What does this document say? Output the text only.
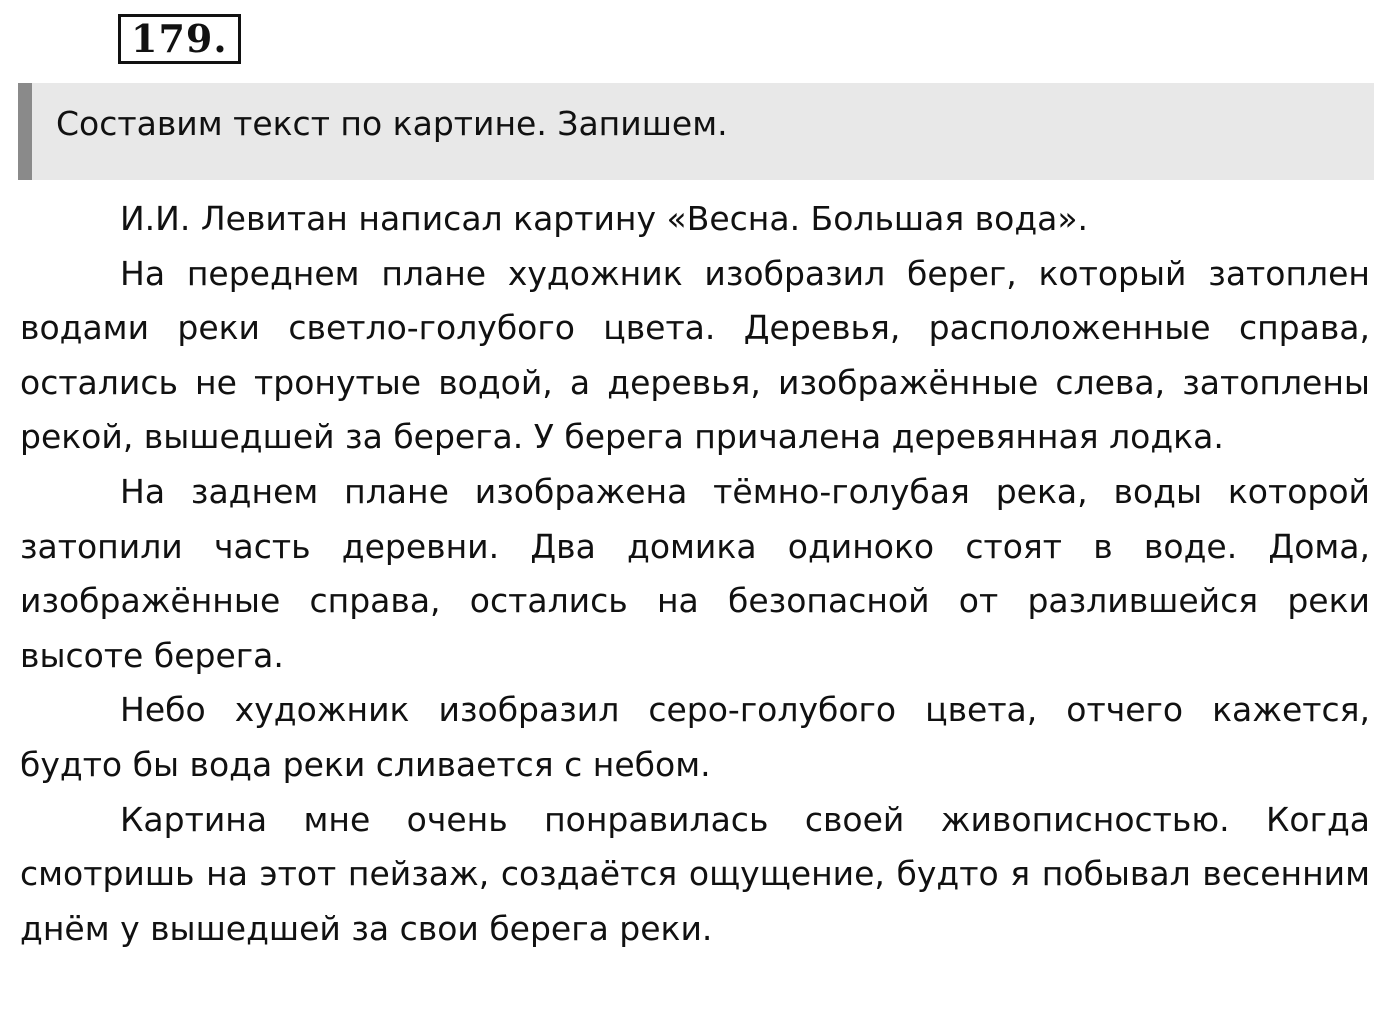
179.
Составим текст по картине. Запишем.

И.И. Левитан написал картину «Весна. Большая вода».

На переднем плане художник изобразил берег, который затоплен водами реки светло-голубого цвета. Деревья, расположенные справа, остались не тронутые водой, а деревья, изображённые слева, затоплены рекой, вышедшей за берега. У берега причалена деревянная лодка.

На заднем плане изображена тёмно-голубая река, воды которой затопили часть деревни. Два домика одиноко стоят в воде. Дома, изображённые справа, остались на безопасной от разлившейся реки высоте берега.

Небо художник изобразил серо-голубого цвета, отчего кажется, будто бы вода реки сливается с небом.

Картина мне очень понравилась своей живописностью. Когда смотришь на этот пейзаж, создаётся ощущение, будто я побывал весенним днём у вышедшей за свои берега реки.
